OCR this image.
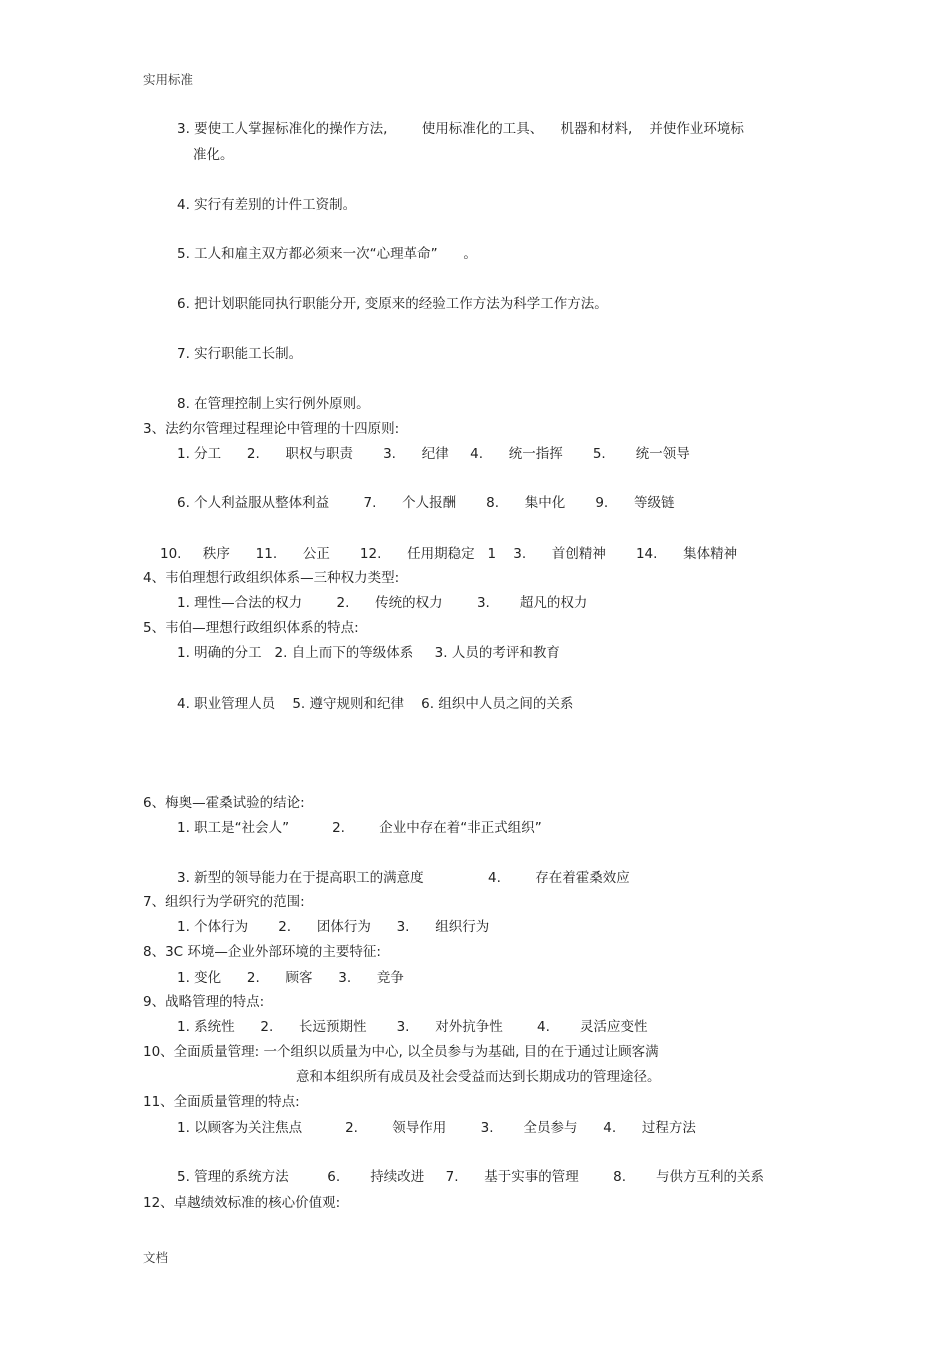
实用标准
3. 要使工人掌握标准化的操作方法,        使用标准化的工具、    机器和材料,    并使作业环境标
准化。
4. 实行有差别的计件工资制。
5. 工人和雇主双方都必须来一次“心理革命”      。
6. 把计划职能同执行职能分开, 变原来的经验工作方法为科学工作方法。
7. 实行职能工长制。
8. 在管理控制上实行例外原则。
3、法约尔管理过程理论中管理的十四原则:
1. 分工      2.      职权与职责       3.      纪律     4.      统一指挥       5.       统一领导
6. 个人利益服从整体利益        7.      个人报酬       8.      集中化       9.      等级链
10.     秩序      11.      公正       12.      任用期稳定   1    3.      首创精神       14.      集体精神
4、韦伯理想行政组织体系—三种权力类型:
1. 理性—合法的权力        2.      传统的权力        3.       超凡的权力
5、韦伯—理想行政组织体系的特点:
1. 明确的分工   2. 自上而下的等级体系     3. 人员的考评和教育
4. 职业管理人员    5. 遵守规则和纪律    6. 组织中人员之间的关系
6、梅奥—霍桑试验的结论:
1. 职工是“社会人”          2.        企业中存在着“非正式组织”
3. 新型的领导能力在于提高职工的满意度               4.        存在着霍桑效应
7、组织行为学研究的范围:
1. 个体行为       2.      团体行为      3.      组织行为
8、3C 环境—企业外部环境的主要特征:
1. 变化      2.      顾客      3.      竞争
9、战略管理的特点:
1. 系统性      2.      长远预期性       3.      对外抗争性        4.       灵活应变性
10、全面质量管理: 一个组织以质量为中心, 以全员参与为基础, 目的在于通过让顾客满
意和本组织所有成员及社会受益而达到长期成功的管理途径。
11、全面质量管理的特点:
1. 以顾客为关注焦点          2.        领导作用        3.       全员参与      4.      过程方法
5. 管理的系统方法         6.       持续改进     7.      基于实事的管理        8.       与供方互利的关系
12、卓越绩效标准的核心价值观:
文档
